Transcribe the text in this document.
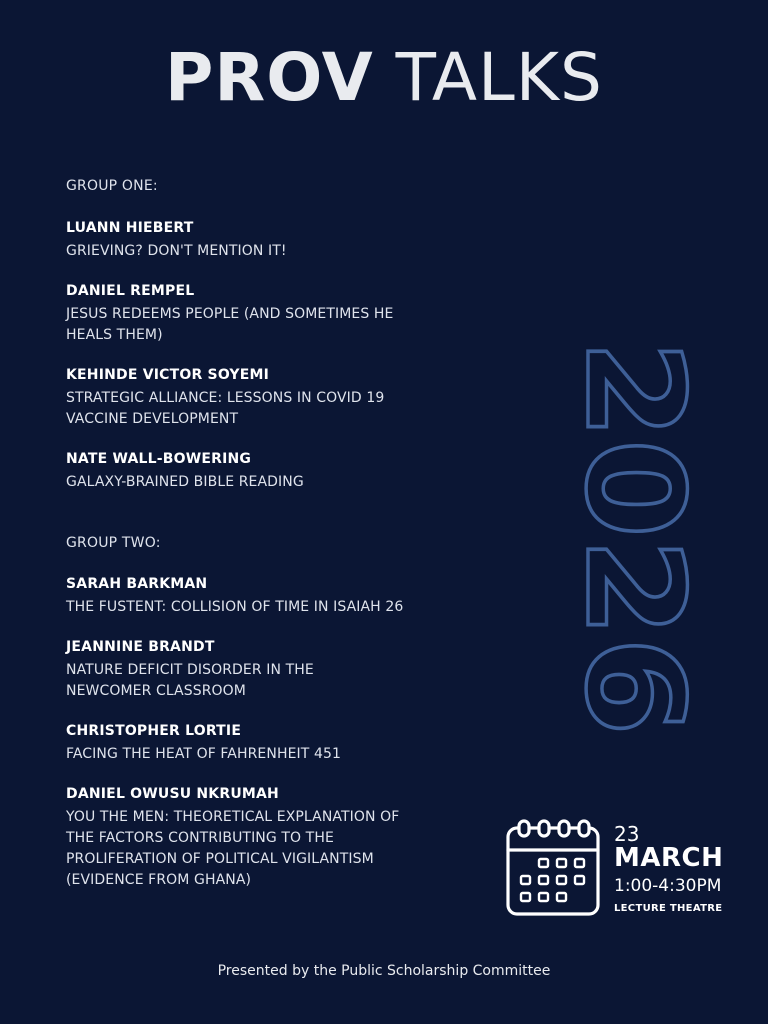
PROV TALKS
GROUP ONE:
LUANN HIEBERT
GRIEVING? DON'T MENTION IT!
DANIEL REMPEL
JESUS REDEEMS PEOPLE (AND SOMETIMES HE HEALS THEM)
KEHINDE VICTOR SOYEMI
STRATEGIC ALLIANCE: LESSONS IN COVID 19 VACCINE DEVELOPMENT
NATE WALL-BOWERING
GALAXY-BRAINED BIBLE READING
GROUP TWO:
SARAH BARKMAN
THE FUSTENT: COLLISION OF TIME IN ISAIAH 26
JEANNINE BRANDT
NATURE DEFICIT DISORDER IN THE NEWCOMER CLASSROOM
CHRISTOPHER LORTIE
FACING THE HEAT OF FAHRENHEIT 451
DANIEL OWUSU NKRUMAH
YOU THE MEN: THEORETICAL EXPLANATION OF THE FACTORS CONTRIBUTING TO THE PROLIFERATION OF POLITICAL VIGILANTISM (EVIDENCE FROM GHANA)
2026
23
MARCH
1:00-4:30PM
LECTURE THEATRE
Presented by the Public Scholarship Committee
